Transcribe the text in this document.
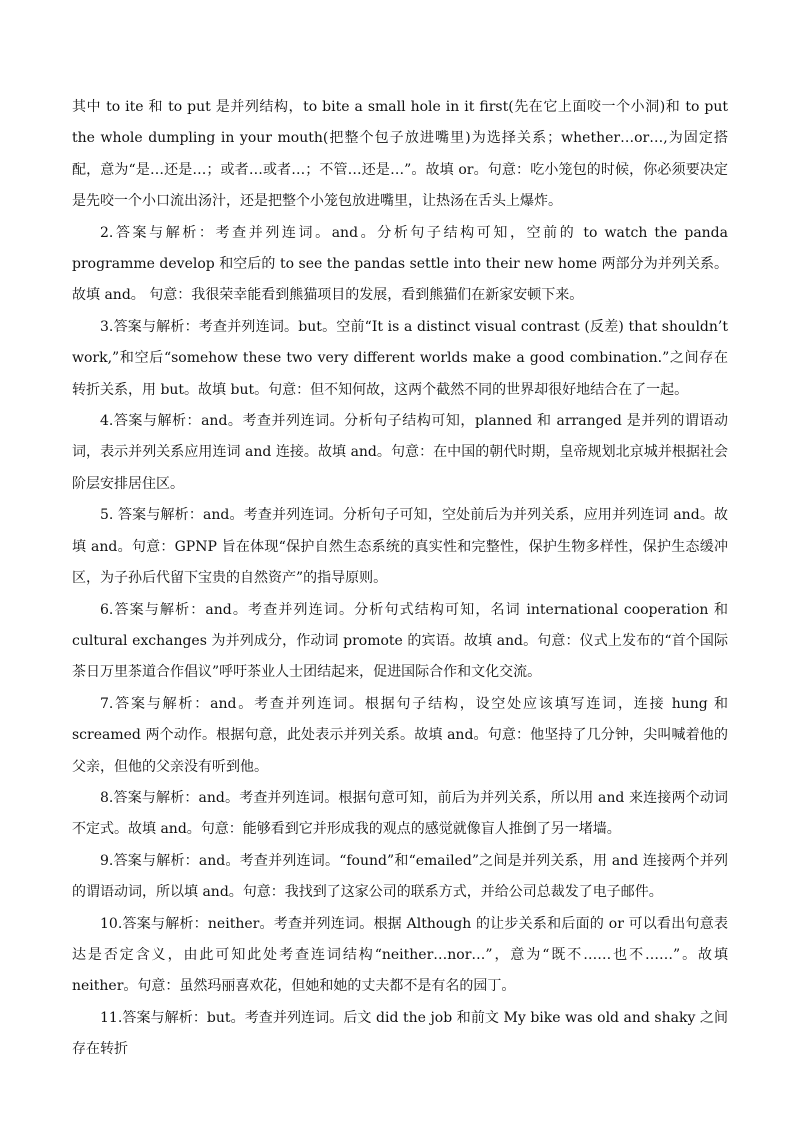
其中 to ite 和 to put 是并列结构，to bite a small hole in it first(先在它上面咬一个小洞)和 to put the whole dumpling in your mouth(把整个包子放进嘴里)为选择关系；whether…or…,为固定搭配，意为“是…还是…；或者…或者…；不管…还是…”。故填 or。句意：吃小笼包的时候，你必须要决定是先咬一个小口流出汤汁，还是把整个小笼包放进嘴里，让热汤在舌头上爆炸。

2.答案与解析：考查并列连词。and。分析句子结构可知，空前的 to watch the panda programme develop 和空后的 to see the pandas settle into their new home 两部分为并列关系。故填 and。 句意：我很荣幸能看到熊猫项目的发展，看到熊猫们在新家安顿下来。

3.答案与解析：考查并列连词。but。空前“It is a distinct visual contrast (反差) that shouldn’t work,”和空后“somehow these two very different worlds make a good combination.”之间存在转折关系，用 but。故填 but。句意：但不知何故，这两个截然不同的世界却很好地结合在了一起。

4.答案与解析：and。考查并列连词。分析句子结构可知，planned 和 arranged 是并列的谓语动词，表示并列关系应用连词 and 连接。故填 and。句意：在中国的朝代时期，皇帝规划北京城并根据社会阶层安排居住区。

5. 答案与解析：and。考查并列连词。分析句子可知，空处前后为并列关系，应用并列连词 and。故填 and。句意：GPNP 旨在体现“保护自然生态系统的真实性和完整性，保护生物多样性，保护生态缓冲区，为子孙后代留下宝贵的自然资产”的指导原则。

6.答案与解析：and。考查并列连词。分析句式结构可知，名词 international cooperation 和 cultural exchanges 为并列成分，作动词 promote 的宾语。故填 and。句意：仪式上发布的“首个国际茶日万里茶道合作倡议”呼吁茶业人士团结起来，促进国际合作和文化交流。

7.答案与解析：and。考查并列连词。根据句子结构，设空处应该填写连词，连接 hung 和 screamed 两个动作。根据句意，此处表示并列关系。故填 and。句意：他坚持了几分钟，尖叫喊着他的父亲，但他的父亲没有听到他。

8.答案与解析：and。考查并列连词。根据句意可知，前后为并列关系，所以用 and 来连接两个动词不定式。故填 and。句意：能够看到它并形成我的观点的感觉就像盲人推倒了另一堵墙。

9.答案与解析：and。考查并列连词。“found”和“emailed”之间是并列关系，用 and 连接两个并列的谓语动词，所以填 and。句意：我找到了这家公司的联系方式，并给公司总裁发了电子邮件。

10.答案与解析：neither。考查并列连词。根据 Although 的让步关系和后面的 or 可以看出句意表达是否定含义，由此可知此处考查连词结构“neither…nor…”，意为“既不……也不……”。故填 neither。句意：虽然玛丽喜欢花，但她和她的丈夫都不是有名的园丁。

11.答案与解析：but。考查并列连词。后文 did the job 和前文 My bike was old and shaky 之间存在转折
